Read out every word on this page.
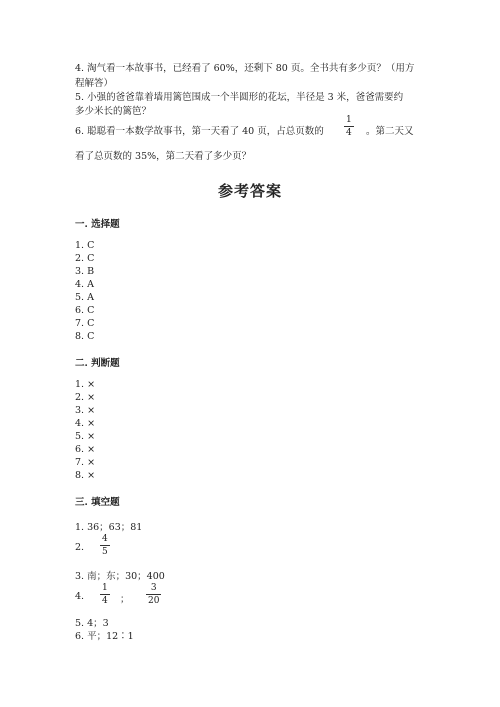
4. 淘气看一本故事书，已经看了 60%，还剩下 80 页。全书共有多少页？（用方
程解答）
5. 小强的爸爸靠着墙用篱笆围成一个半圆形的花坛，半径是 3 米，爸爸需要约
多少米长的篱笆？
6. 聪聪看一本数学故事书，第一天看了 40 页，占总页数的
1
4 。第二天又
看了总页数的 35%，第二天看了多少页？
参考答案
一. 选择题
1. C
2. C
3. B
4. A
5. A
6. C
7. C
8. C
二. 判断题
1. ×
2. ×
3. ×
4. ×
5. ×
6. ×
7. ×
8. ×
三. 填空题
1. 36；63；81
2.
4
5
3. 南；东；30；400
4.
1
4 ；
3
20
5. 4；3
6. 平；12∶1
